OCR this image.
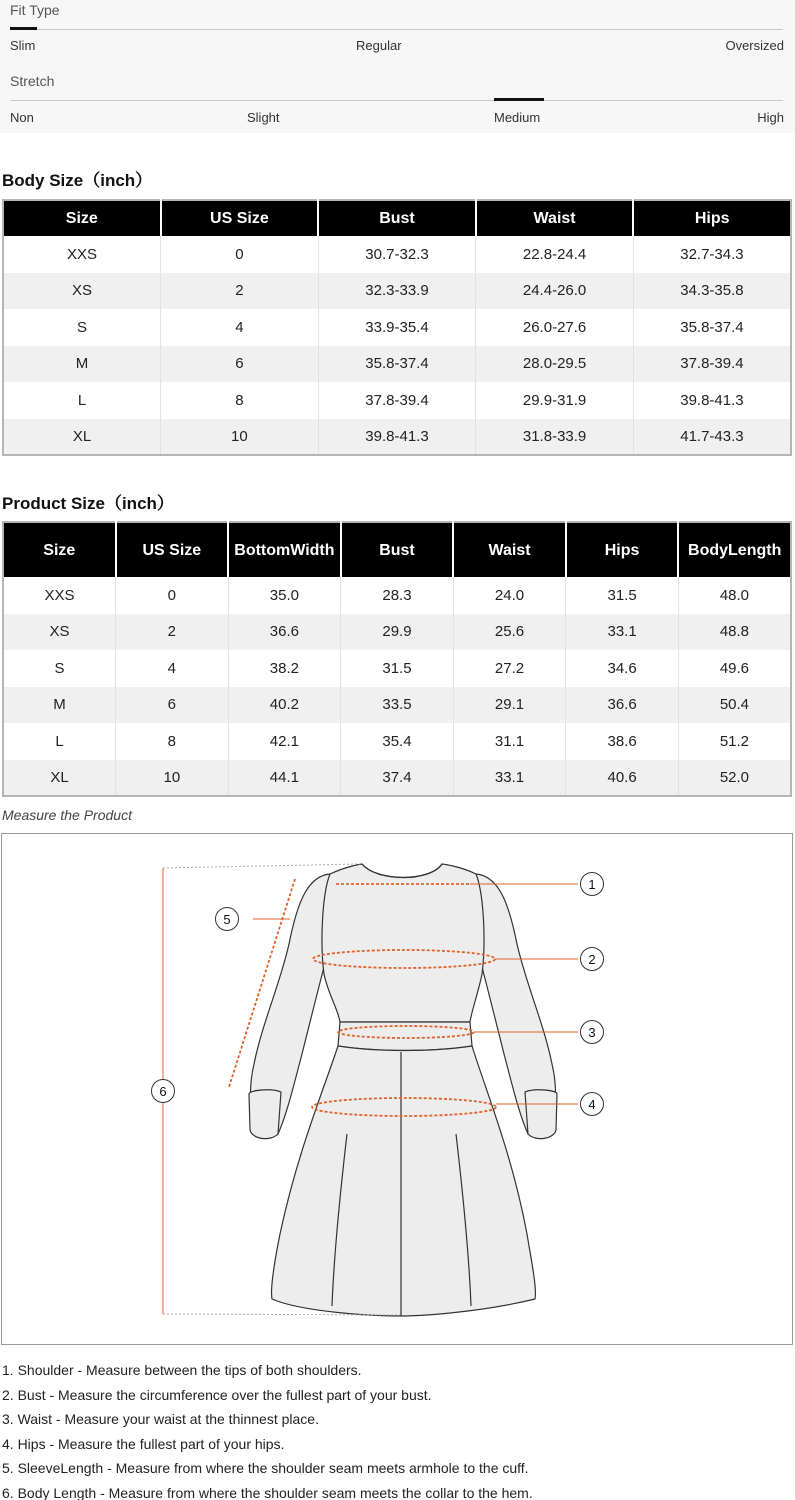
Fit Type
Slim	Regular	Oversized
Stretch
Non	Slight	Medium	High
Body Size（inch）
Size	US Size	Bust	Waist	Hips
XXS	0	30.7-32.3	22.8-24.4	32.7-34.3
XS	2	32.3-33.9	24.4-26.0	34.3-35.8
S	4	33.9-35.4	26.0-27.6	35.8-37.4
M	6	35.8-37.4	28.0-29.5	37.8-39.4
L	8	37.8-39.4	29.9-31.9	39.8-41.3
XL	10	39.8-41.3	31.8-33.9	41.7-43.3
Product Size（inch）
Size	US Size	BottomWidth	Bust	Waist	Hips	BodyLength
XXS	0	35.0	28.3	24.0	31.5	48.0
XS	2	36.6	29.9	25.6	33.1	48.8
S	4	38.2	31.5	27.2	34.6	49.6
M	6	40.2	33.5	29.1	36.6	50.4
L	8	42.1	35.4	31.1	38.6	51.2
XL	10	44.1	37.4	33.1	40.6	52.0
Measure the Product
1
2
3
4
5
6
1. Shoulder - Measure between the tips of both shoulders.
2. Bust - Measure the circumference over the fullest part of your bust.
3. Waist - Measure your waist at the thinnest place.
4. Hips - Measure the fullest part of your hips.
5. SleeveLength - Measure from where the shoulder seam meets armhole to the cuff.
6. Body Length - Measure from where the shoulder seam meets the collar to the hem.
